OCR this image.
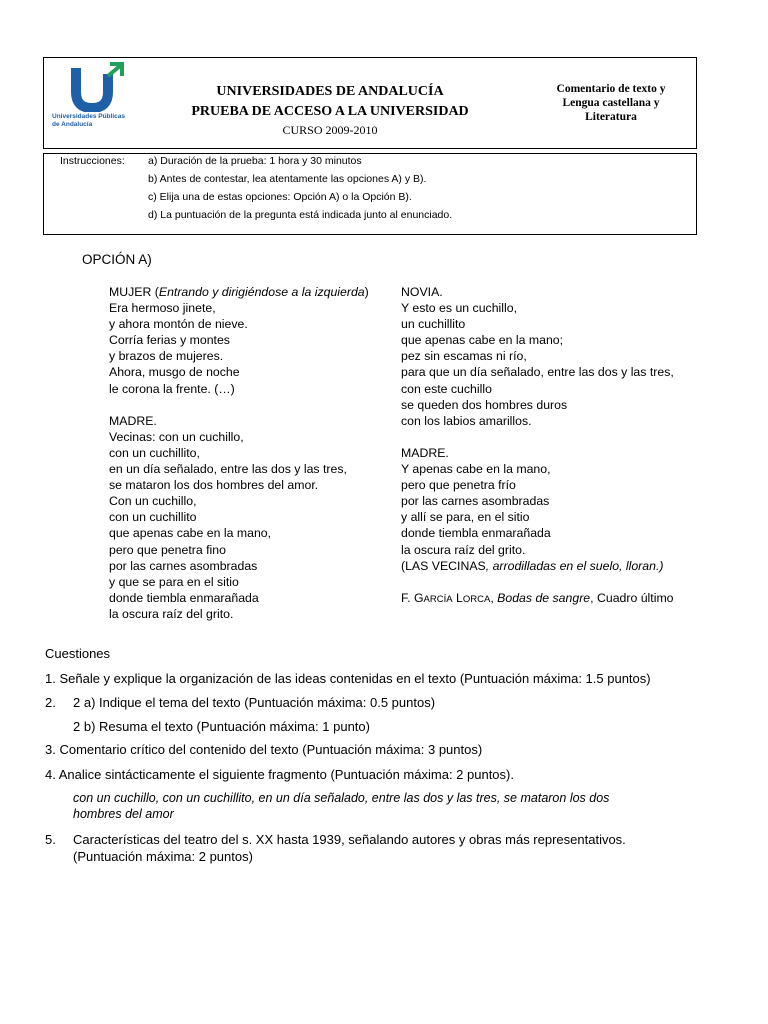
Universidades Públicas
de Andalucía
UNIVERSIDADES DE ANDALUCÍA
PRUEBA DE ACCESO A LA UNIVERSIDAD
CURSO 2009-2010
Comentario de texto y
Lengua castellana y
Literatura
Instrucciones: a) Duración de la prueba: 1 hora y 30 minutos
b) Antes de contestar, lea atentamente las opciones A) y B).
c) Elija una de estas opciones: Opción A) o la Opción B).
d) La puntuación de la pregunta está indicada junto al enunciado.
OPCIÓN A)
MUJER (Entrando y dirigiéndose a la izquierda)
Era hermoso jinete,
y ahora montón de nieve.
Corría ferias y montes
y brazos de mujeres.
Ahora, musgo de noche
le corona la frente. (…)
MADRE.
Vecinas: con un cuchillo,
con un cuchillito,
en un día señalado, entre las dos y las tres,
se mataron los dos hombres del amor.
Con un cuchillo,
con un cuchillito
que apenas cabe en la mano,
pero que penetra fino
por las carnes asombradas
y que se para en el sitio
donde tiembla enmarañada
la oscura raíz del grito.
NOVIA.
Y esto es un cuchillo,
un cuchillito
que apenas cabe en la mano;
pez sin escamas ni río,
para que un día señalado, entre las dos y las tres,
con este cuchillo
se queden dos hombres duros
con los labios amarillos.
MADRE.
Y apenas cabe en la mano,
pero que penetra frío
por las carnes asombradas
y allí se para, en el sitio
donde tiembla enmarañada
la oscura raíz del grito.
(LAS VECINAS, arrodilladas en el suelo, lloran.)
F. GARCÍA LORCA, Bodas de sangre, Cuadro último
Cuestiones
1. Señale y explique la organización de las ideas contenidas en el texto (Puntuación máxima: 1.5 puntos)
2. 2 a) Indique el tema del texto (Puntuación máxima: 0.5 puntos)
2 b) Resuma el texto (Puntuación máxima: 1 punto)
3. Comentario crítico del contenido del texto (Puntuación máxima: 3 puntos)
4. Analice sintácticamente el siguiente fragmento (Puntuación máxima: 2 puntos).
con un cuchillo, con un cuchillito, en un día señalado, entre las dos y las tres, se mataron los dos
hombres del amor
5. Características del teatro del s. XX hasta 1939, señalando autores y obras más representativos.
(Puntuación máxima: 2 puntos)
